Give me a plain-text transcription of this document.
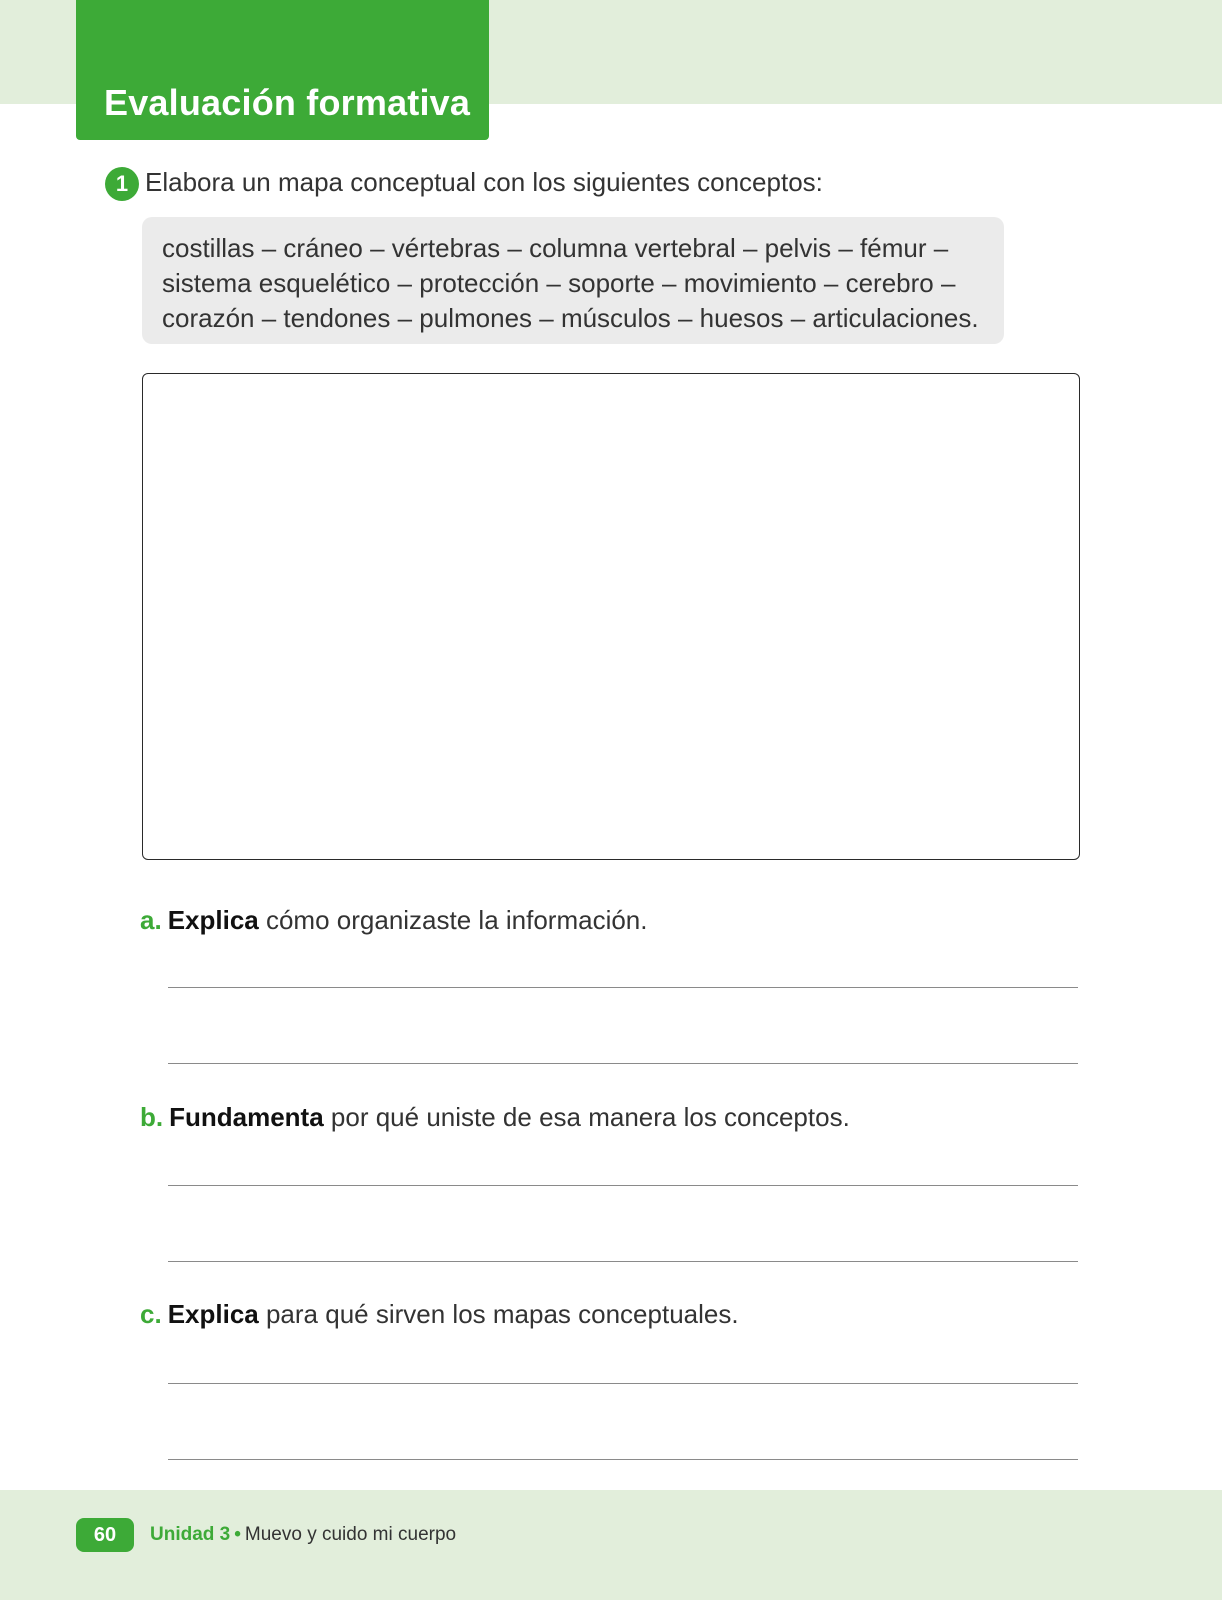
Evaluación formativa
1 Elabora un mapa conceptual con los siguientes conceptos:
costillas – cráneo – vértebras – columna vertebral – pelvis – fémur –
sistema esquelético – protección – soporte – movimiento – cerebro –
corazón – tendones – pulmones – músculos – huesos – articulaciones.
a. Explica cómo organizaste la información.
b. Fundamenta por qué uniste de esa manera los conceptos.
c. Explica para qué sirven los mapas conceptuales.
60	Unidad 3 • Muevo y cuido mi cuerpo
